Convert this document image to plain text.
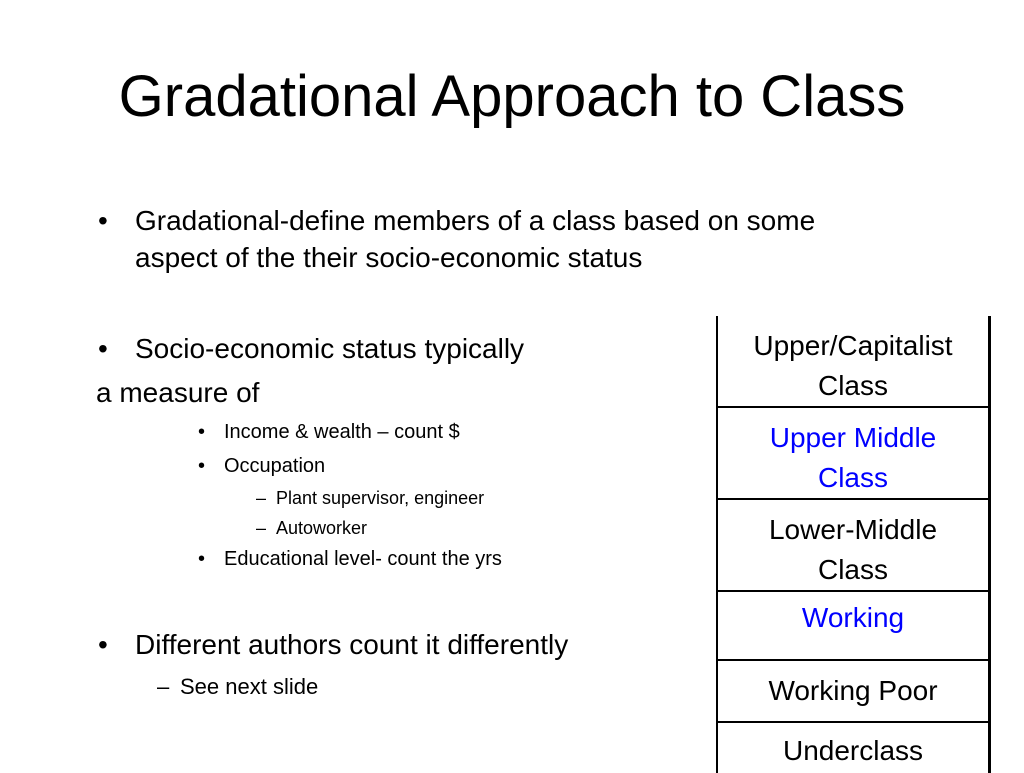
Gradational Approach to Class
• Gradational-define members of a class based on some
aspect of the their socio-economic status
• Socio-economic status typically
a measure of
• Income & wealth – count $
• Occupation
– Plant supervisor, engineer
– Autoworker
• Educational level- count the yrs
• Different authors count it differently
– See next slide
Upper/Capitalist
Class
Upper Middle
Class
Lower-Middle
Class
Working
Working Poor
Underclass
